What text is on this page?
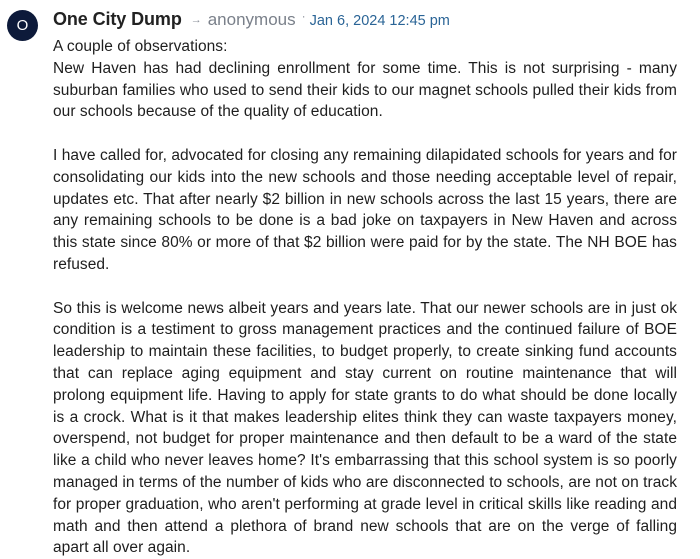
O One City Dump → anonymous · Jan 6, 2024 12:45 pm

A couple of observations:

New Haven has had declining enrollment for some time. This is not surprising - many suburban families who used to send their kids to our magnet schools pulled their kids from our schools because of the quality of education.

I have called for, advocated for closing any remaining dilapidated schools for years and for consolidating our kids into the new schools and those needing acceptable level of repair, updates etc. That after nearly $2 billion in new schools across the last 15 years, there are any remaining schools to be done is a bad joke on taxpayers in New Haven and across this state since 80% or more of that $2 billion were paid for by the state. The NH BOE has refused.

So this is welcome news albeit years and years late. That our newer schools are in just ok condition is a testiment to gross management practices and the continued failure of BOE leadership to maintain these facilities, to budget properly, to create sinking fund accounts that can replace aging equipment and stay current on routine maintenance that will prolong equipment life. Having to apply for state grants to do what should be done locally is a crock. What is it that makes leadership elites think they can waste taxpayers money, overspend, not budget for proper maintenance and then default to be a ward of the state like a child who never leaves home? It's embarrassing that this school system is so poorly managed in terms of the number of kids who are disconnected to schools, are not on track for proper graduation, who aren't performing at grade level in critical skills like reading and math and then attend a plethora of brand new schools that are on the verge of falling apart all over again.
